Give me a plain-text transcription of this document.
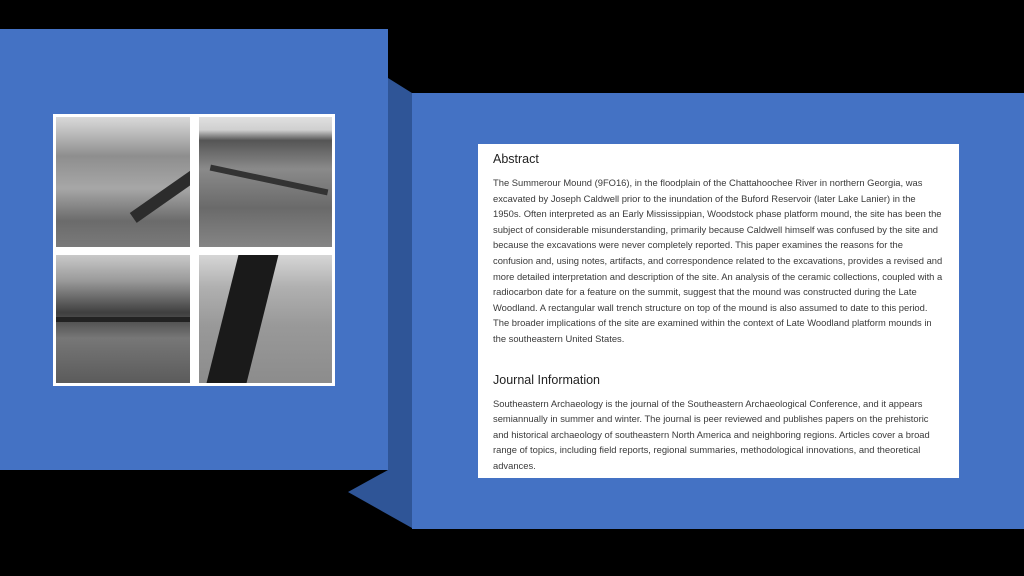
Abstract

The Summerour Mound (9FO16), in the floodplain of the Chattahoochee River in northern Georgia, was excavated by Joseph Caldwell prior to the inundation of the Buford Reservoir (later Lake Lanier) in the 1950s. Often interpreted as an Early Mississippian, Woodstock phase platform mound, the site has been the subject of considerable misunderstanding, primarily because Caldwell himself was confused by the site and because the excavations were never completely reported. This paper examines the reasons for the confusion and, using notes, artifacts, and correspondence related to the excavations, provides a revised and more detailed interpretation and description of the site. An analysis of the ceramic collections, coupled with a radiocarbon date for a feature on the summit, suggest that the mound was constructed during the Late Woodland. A rectangular wall trench structure on top of the mound is also assumed to date to this period. The broader implications of the site are examined within the context of Late Woodland platform mounds in the southeastern United States.

Journal Information

Southeastern Archaeology is the journal of the Southeastern Archaeological Conference, and it appears semiannually in summer and winter. The journal is peer reviewed and publishes papers on the prehistoric and historical archaeology of southeastern North America and neighboring regions. Articles cover a broad range of topics, including field reports, regional summaries, methodological innovations, and theoretical advances.
